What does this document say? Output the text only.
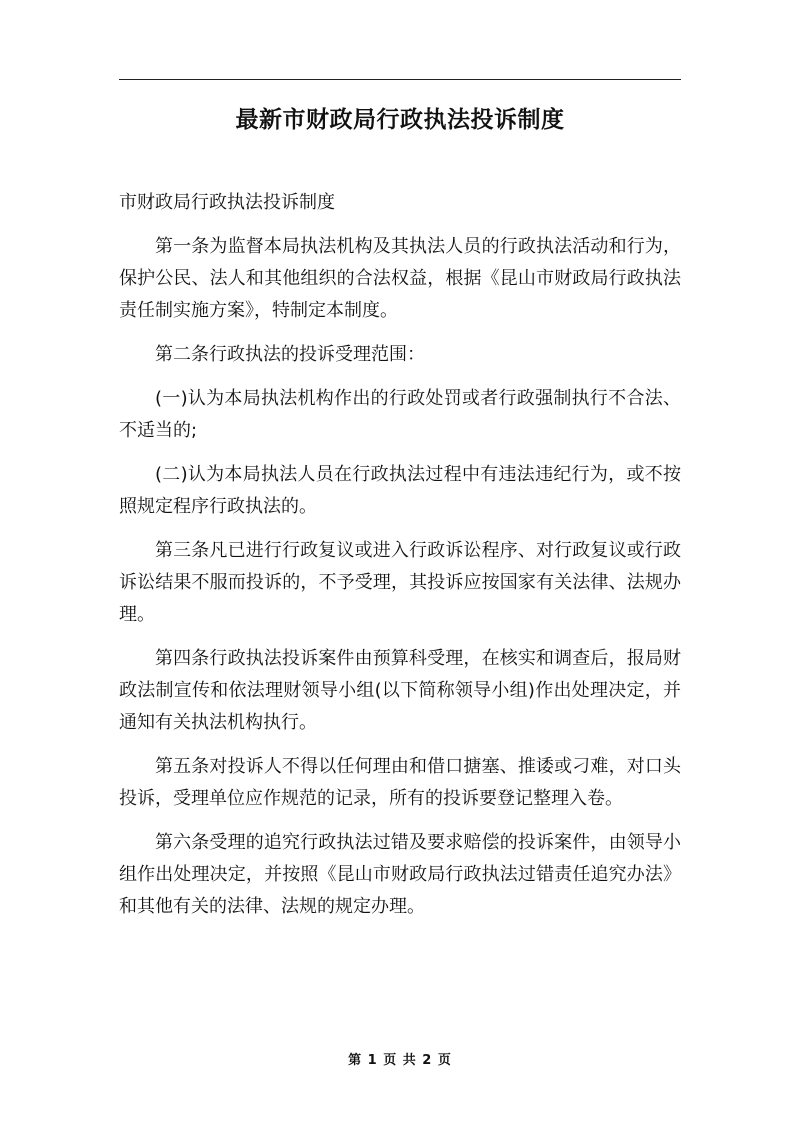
最新市财政局行政执法投诉制度

市财政局行政执法投诉制度

第一条为监督本局执法机构及其执法人员的行政执法活动和行为，保护公民、法人和其他组织的合法权益，根据《昆山市财政局行政执法责任制实施方案》，特制定本制度。

第二条行政执法的投诉受理范围：

(一)认为本局执法机构作出的行政处罚或者行政强制执行不合法、不适当的;

(二)认为本局执法人员在行政执法过程中有违法违纪行为，或不按照规定程序行政执法的。

第三条凡已进行行政复议或进入行政诉讼程序、对行政复议或行政诉讼结果不服而投诉的，不予受理，其投诉应按国家有关法律、法规办理。

第四条行政执法投诉案件由预算科受理，在核实和调查后，报局财政法制宣传和依法理财领导小组(以下简称领导小组)作出处理决定，并通知有关执法机构执行。

第五条对投诉人不得以任何理由和借口搪塞、推诿或刁难，对口头投诉，受理单位应作规范的记录，所有的投诉要登记整理入卷。

第六条受理的追究行政执法过错及要求赔偿的投诉案件，由领导小组作出处理决定，并按照《昆山市财政局行政执法过错责任追究办法》和其他有关的法律、法规的规定办理。

第 1 页 共 2 页
